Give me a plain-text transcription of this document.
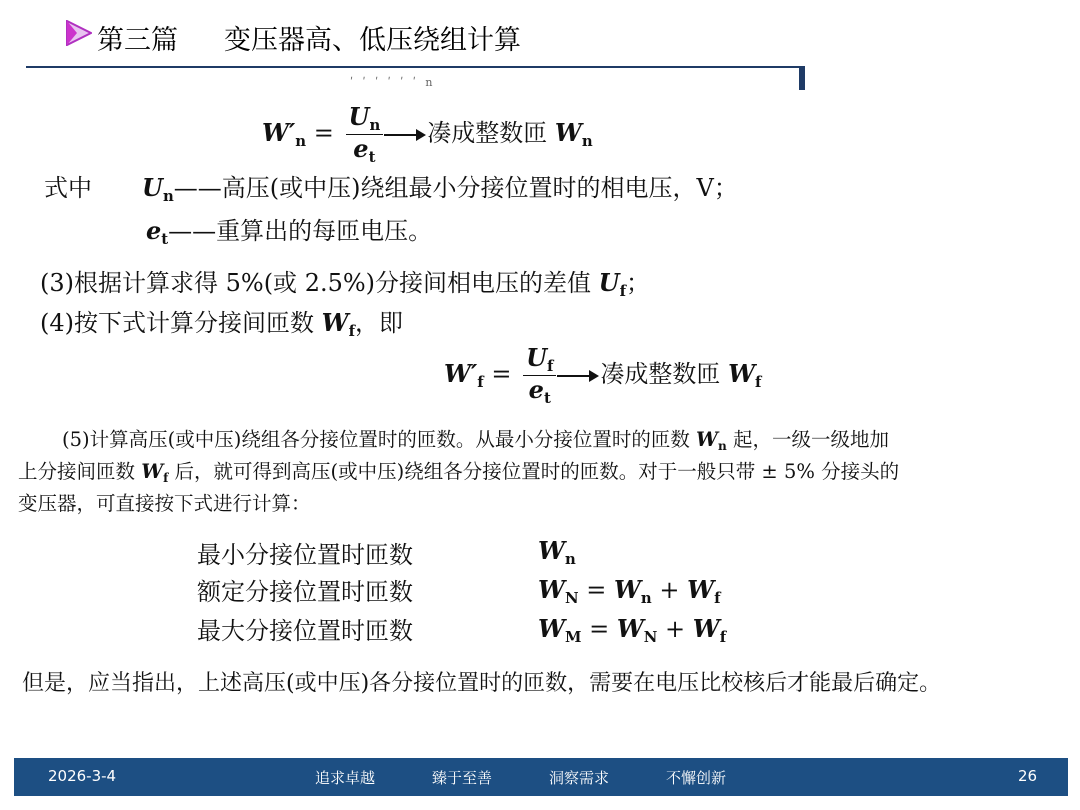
第三篇 变压器高、低压绕组计算
ʹ ʹ ʹ ʹ ʹ ʹ n
$W'n = \frac{Un}{et}$ 凑成整数匝 Wn
式中 Un——高压(或中压)绕组最小分接位置时的相电压，V；
et——重算出的每匝电压。
(3)根据计算求得 5%(或 2.5%)分接间相电压的差值 Uf；
(4)按下式计算分接间匝数 Wf，即
$W'f = \frac{Uf}{et}$ 凑成整数匝 Wf
(5)计算高压(或中压)绕组各分接位置时的匝数。从最小分接位置时的匝数 Wn 起，一级一级地加
上分接间匝数 Wf 后，就可得到高压(或中压)绕组各分接位置时的匝数。对于一般只带 ± 5% 分接头的
变压器，可直接按下式进行计算：
最小分接位置时匝数	Wn
额定分接位置时匝数	WN = Wn + Wf
最大分接位置时匝数	WM = WN + Wf
但是，应当指出，上述高压(或中压)各分接位置时的匝数，需要在电压比校核后才能最后确定。
2026-3-4	追求卓越	臻于至善	洞察需求	不懈创新	26
